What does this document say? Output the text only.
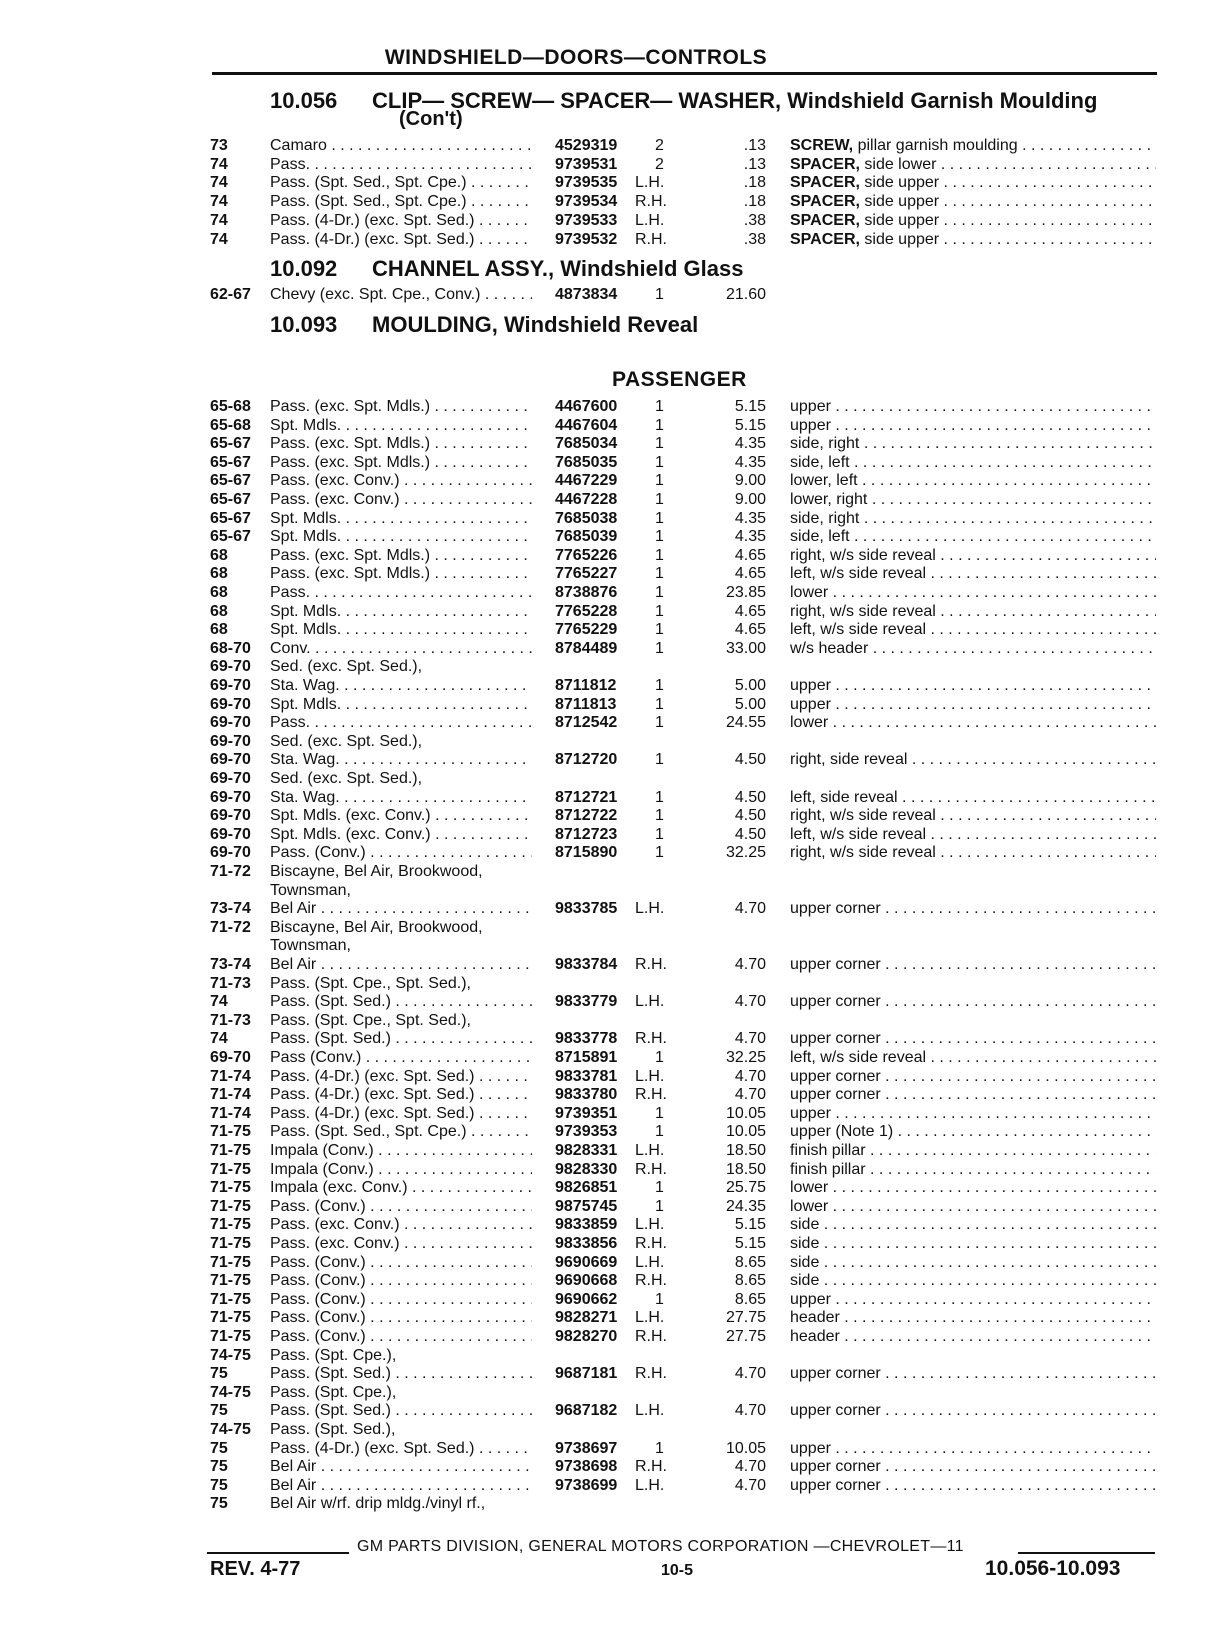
WINDSHIELD—DOORS—CONTROLS
10.056 CLIP— SCREW— SPACER— WASHER, Windshield Garnish Moulding
(Con't)
10.092 CHANNEL ASSY., Windshield Glass
10.093 MOULDING, Windshield Reveal
PASSENGER
73	Camaro . . .	4529319 2	.13 SCREW, pillar garnish moulding . . .
74	Pass. . . .	9739531 2	.13 SPACER, side lower . . .
74	Pass. (Spt. Sed., Spt. Cpe.) . . .	9739535 L.H.	.18 SPACER, side upper . . .
74	Pass. (Spt. Sed., Spt. Cpe.) . . .	9739534 R.H.	.18 SPACER, side upper . . .
74	Pass. (4-Dr.) (exc. Spt. Sed.) . . .	9739533 L.H.	.38 SPACER, side upper . . .
74	Pass. (4-Dr.) (exc. Spt. Sed.) . . .	9739532 R.H.	.38 SPACER, side upper . . .
62-67 Chevy (exc. Spt. Cpe., Conv.) . . .	4873834 1	21.60
65-68 Pass. (exc. Spt. Mdls.) . . .	4467600 1	5.15 upper . . .
65-68 Spt. Mdls. . . .	4467604 1	5.15 upper . . .
65-67 Pass. (exc. Spt. Mdls.) . . .	7685034 1	4.35 side, right . . .
65-67 Pass. (exc. Spt. Mdls.) . . .	7685035 1	4.35 side, left . . .
65-67 Pass. (exc. Conv.) . . .	4467229 1	9.00 lower, left . . .
65-67 Pass. (exc. Conv.) . . .	4467228 1	9.00 lower, right . . .
65-67 Spt. Mdls. . . .	7685038 1	4.35 side, right . . .
65-67 Spt. Mdls. . . .	7685039 1	4.35 side, left . . .
68	Pass. (exc. Spt. Mdls.) . . .	7765226 1	4.65 right, w/s side reveal . . .
68	Pass. (exc. Spt. Mdls.) . . .	7765227 1	4.65 left, w/s side reveal . . .
68	Pass. . . .	8738876 1	23.85 lower . . .
68	Spt. Mdls. . . .	7765228 1	4.65 right, w/s side reveal . . .
68	Spt. Mdls. . . .	7765229 1	4.65 left, w/s side reveal . . .
68-70 Conv. . . .	8784489 1	33.00 w/s header . . .
69-70 Sed. (exc. Spt. Sed.),
69-70 Sta. Wag. . . .	8711812 1	5.00 upper . . .
69-70 Spt. Mdls. . . .	8711813 1	5.00 upper . . .
69-70 Pass. . . .	8712542 1	24.55 lower . . .
69-70 Sed. (exc. Spt. Sed.),
69-70 Sta. Wag. . . .	8712720 1	4.50 right, side reveal . . .
69-70 Sed. (exc. Spt. Sed.),
69-70 Sta. Wag. . . .	8712721 1	4.50 left, side reveal . . .
69-70 Spt. Mdls. (exc. Conv.) . . .	8712722 1	4.50 right, w/s side reveal . . .
69-70 Spt. Mdls. (exc. Conv.) . . .	8712723 1	4.50 left, w/s side reveal . . .
69-70 Pass. (Conv.) . . .	8715890 1	32.25 right, w/s side reveal . . .
71-72 Biscayne, Bel Air, Brookwood,
Townsman,
73-74 Bel Air . . .	9833785 L.H.	4.70 upper corner . . .
71-72 Biscayne, Bel Air, Brookwood,
Townsman,
73-74 Bel Air . . .	9833784 R.H.	4.70 upper corner . . .
71-73 Pass. (Spt. Cpe., Spt. Sed.),
74	Pass. (Spt. Sed.) . . .	9833779 L.H.	4.70 upper corner . . .
71-73 Pass. (Spt. Cpe., Spt. Sed.),
74	Pass. (Spt. Sed.) . . .	9833778 R.H.	4.70 upper corner . . .
69-70 Pass (Conv.) . . .	8715891 1	32.25 left, w/s side reveal . . .
71-74 Pass. (4-Dr.) (exc. Spt. Sed.) . . .	9833781 L.H.	4.70 upper corner . . .
71-74 Pass. (4-Dr.) (exc. Spt. Sed.) . . .	9833780 R.H.	4.70 upper corner . . .
71-74 Pass. (4-Dr.) (exc. Spt. Sed.) . . .	9739351 1	10.05 upper . . .
71-75 Pass. (Spt. Sed., Spt. Cpe.) . . .	9739353 1	10.05 upper (Note 1) . . .
71-75 Impala (Conv.) . . .	9828331 L.H.	18.50 finish pillar . . .
71-75 Impala (Conv.) . . .	9828330 R.H.	18.50 finish pillar . . .
71-75 Impala (exc. Conv.) . . .	9826851 1	25.75 lower . . .
71-75 Pass. (Conv.) . . .	9875745 1	24.35 lower . . .
71-75 Pass. (exc. Conv.) . . .	9833859 L.H.	5.15 side . . .
71-75 Pass. (exc. Conv.) . . .	9833856 R.H.	5.15 side . . .
71-75 Pass. (Conv.) . . .	9690669 L.H.	8.65 side . . .
71-75 Pass. (Conv.) . . .	9690668 R.H.	8.65 side . . .
71-75 Pass. (Conv.) . . .	9690662 1	8.65 upper . . .
71-75 Pass. (Conv.) . . .	9828271 L.H.	27.75 header . . .
71-75 Pass. (Conv.) . . .	9828270 R.H.	27.75 header . . .
74-75 Pass. (Spt. Cpe.),
75	Pass. (Spt. Sed.) . . .	9687181 R.H.	4.70 upper corner . . .
74-75 Pass. (Spt. Cpe.),
75	Pass. (Spt. Sed.) . . .	9687182 L.H.	4.70 upper corner . . .
74-75 Pass. (Spt. Sed.),
75	Pass. (4-Dr.) (exc. Spt. Sed.) . . .	9738697 1	10.05 upper . . .
75	Bel Air . . .	9738698 R.H.	4.70 upper corner . . .
75	Bel Air . . .	9738699 L.H.	4.70 upper corner . . .
75	Bel Air w/rf. drip mldg./vinyl rf.,
GM PARTS DIVISION, GENERAL MOTORS CORPORATION —CHEVROLET—11
REV. 4-77	10-5	10.056-10.093
